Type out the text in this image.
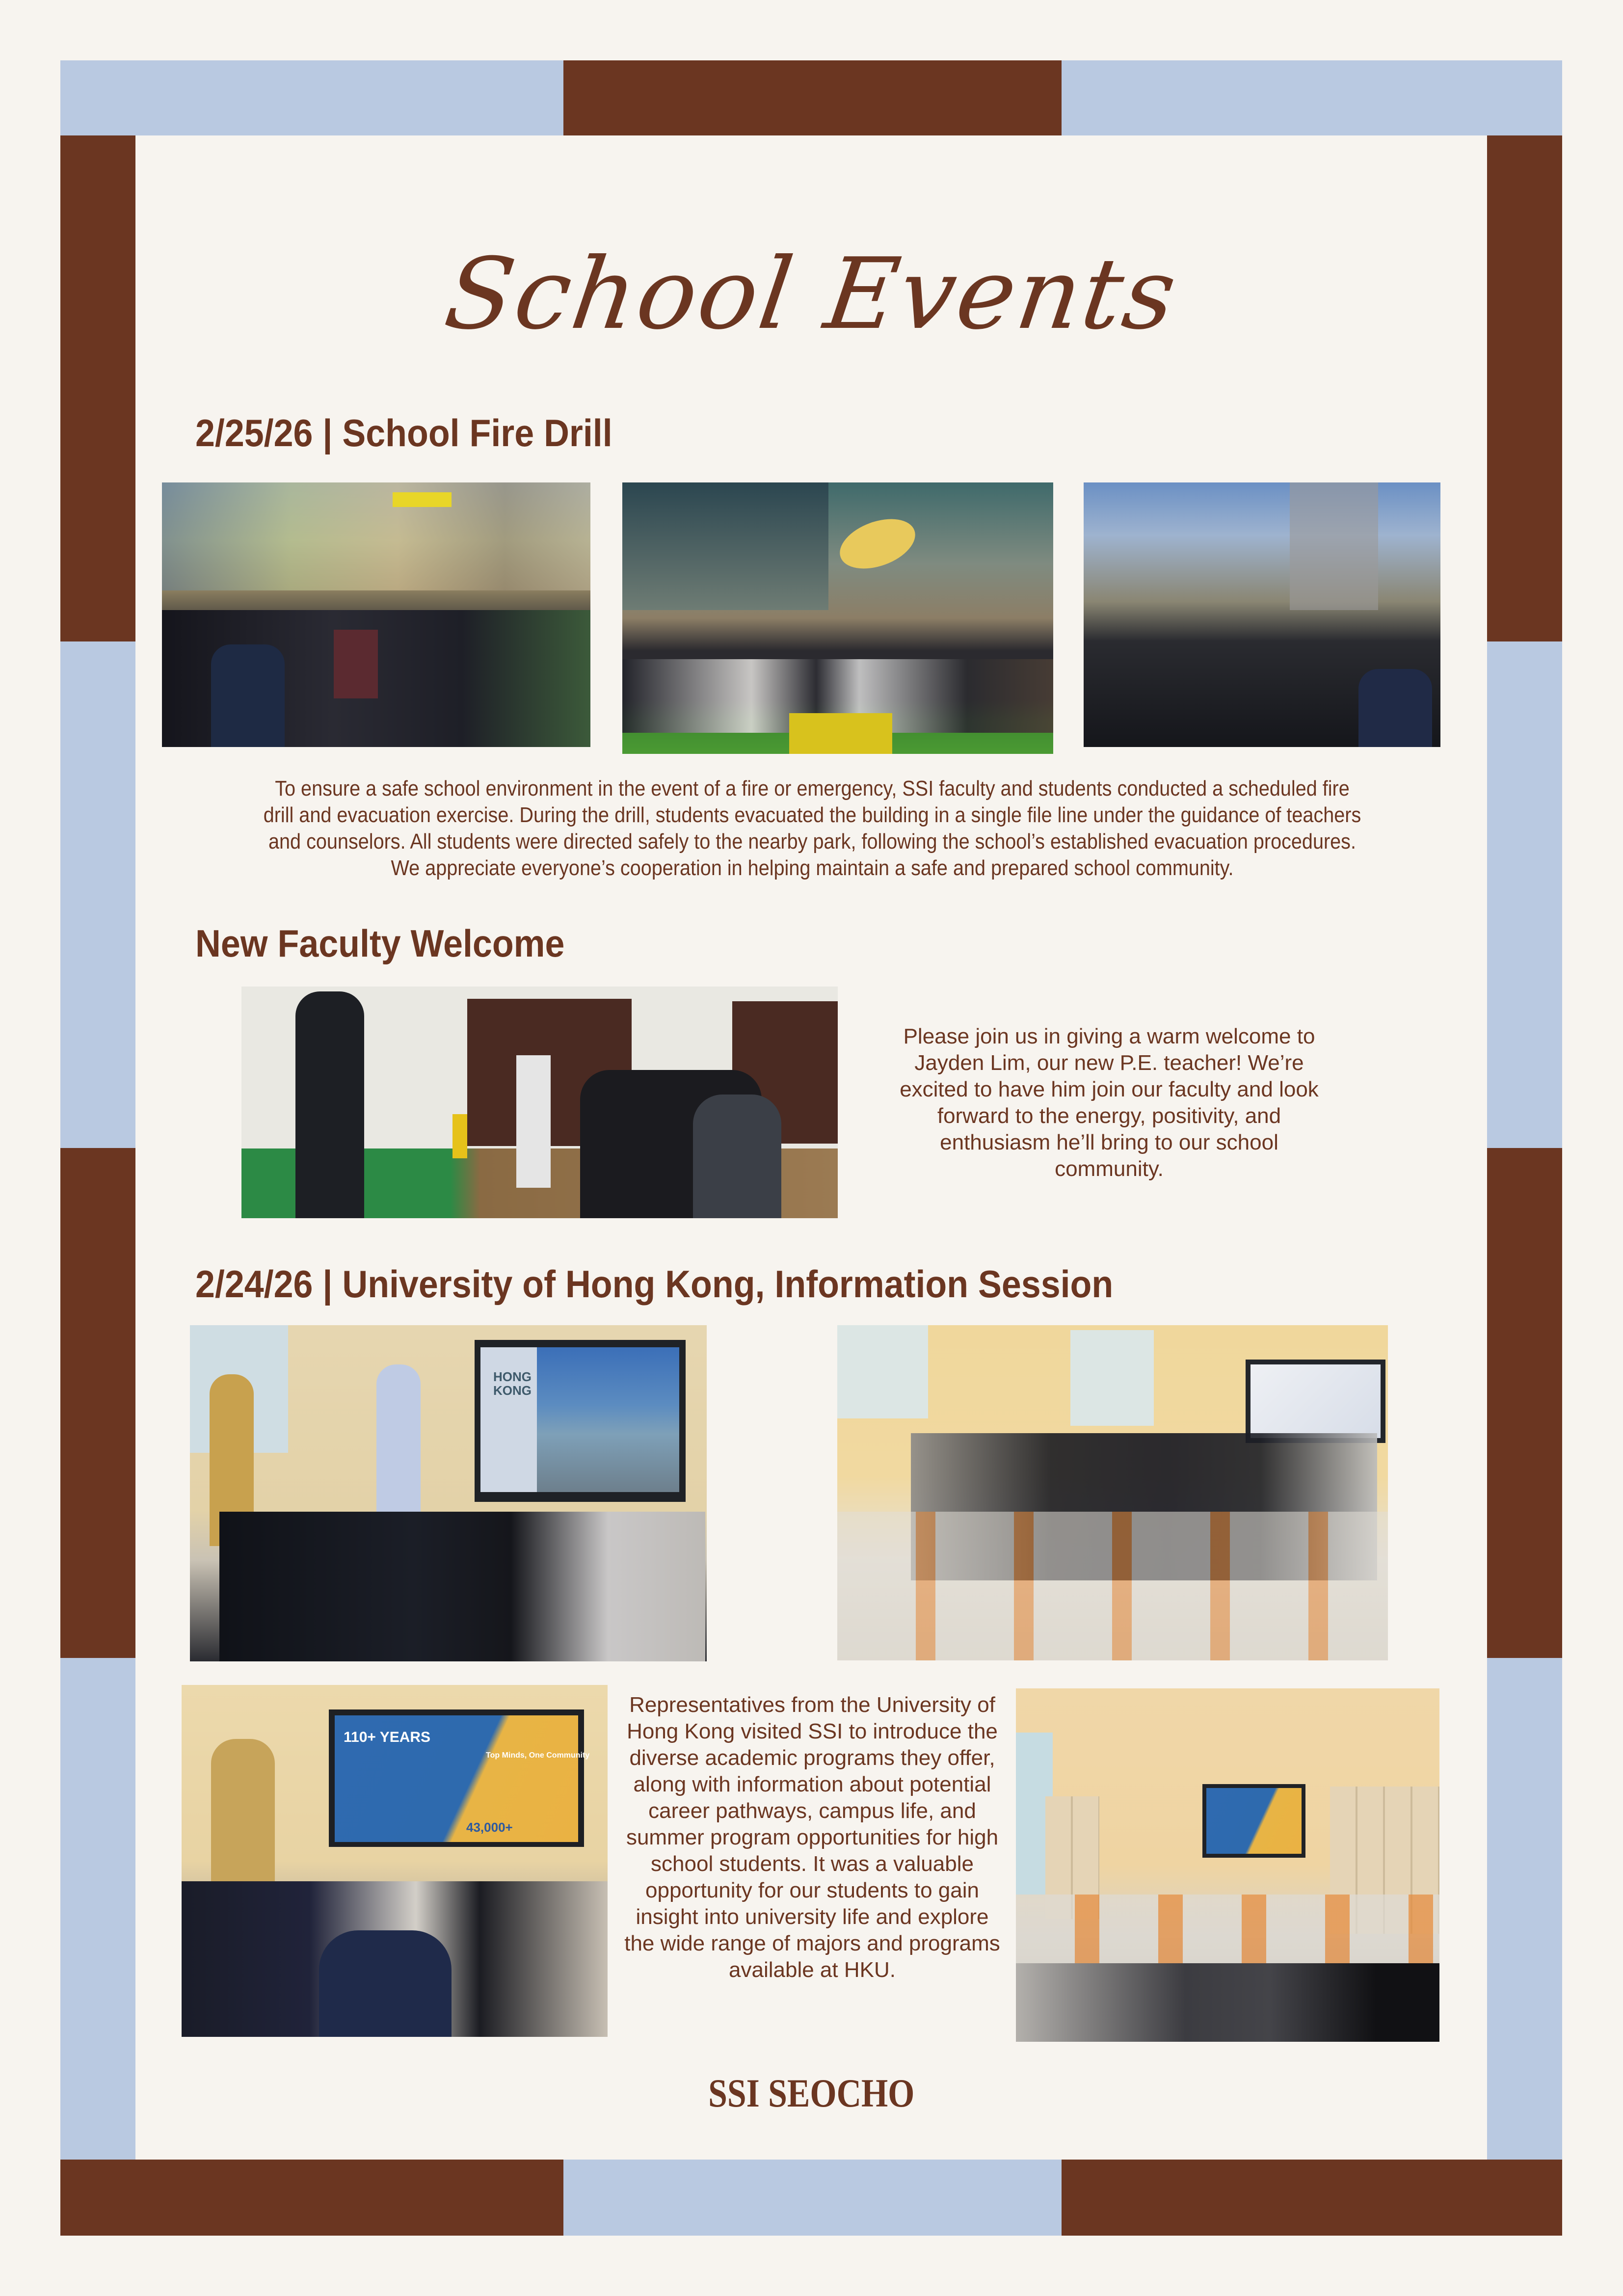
School Events
2/25/26 | School Fire Drill
To ensure a safe school environment in the event of a fire or emergency, SSI faculty and students conducted a scheduled fire drill and evacuation exercise. During the drill, students evacuated the building in a single file line under the guidance of teachers and counselors. All students were directed safely to the nearby park, following the school’s established evacuation procedures. We appreciate everyone’s cooperation in helping maintain a safe and prepared school community.
New Faculty Welcome
Please join us in giving a warm welcome to Jayden Lim, our new P.E. teacher! We’re excited to have him join our faculty and look forward to the energy, positivity, and enthusiasm he’ll bring to our school community.
2/24/26 | University of Hong Kong, Information Session
HONG
KONG
110+ YEARS
Top Minds, One Community
43,000+
Representatives from the University of Hong Kong visited SSI to introduce the diverse academic programs they offer, along with information about potential career pathways, campus life, and summer program opportunities for high school students. It was a valuable opportunity for our students to gain insight into university life and explore the wide range of majors and programs available at HKU.
SSI SEOCHO
